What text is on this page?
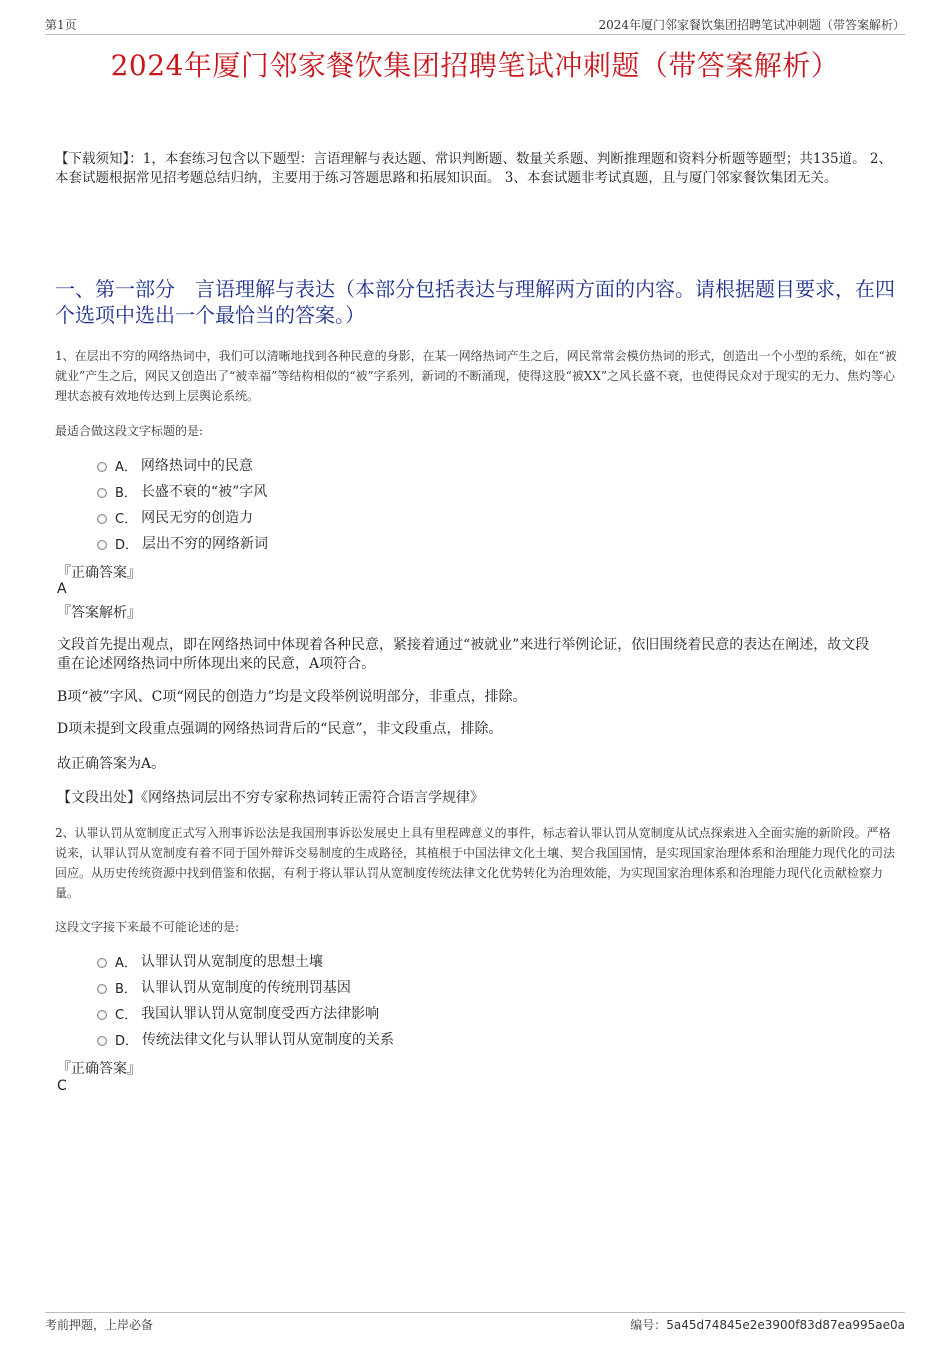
第1页	2024年厦门邻家餐饮集团招聘笔试冲刺题（带答案解析）
2024年厦门邻家餐饮集团招聘笔试冲刺题（带答案解析）
【下载须知】：1，本套练习包含以下题型：言语理解与表达题、常识判断题、数量关系题、判断推理题和资料分析题等题型；共135道。 2、本套试题根据常见招考题总结归纳，主要用于练习答题思路和拓展知识面。 3、本套试题非考试真题，且与厦门邻家餐饮集团无关。
一、第一部分　言语理解与表达（本部分包括表达与理解两方面的内容。请根据题目要求，在四个选项中选出一个最恰当的答案。）
1、在层出不穷的网络热词中，我们可以清晰地找到各种民意的身影，在某一网络热词产生之后，网民常常会模仿热词的形式，创造出一个小型的系统，如在“被就业”产生之后，网民又创造出了“被幸福”等结构相似的“被”字系列，新词的不断涌现，使得这股“被XX”之风长盛不衰，也使得民众对于现实的无力、焦灼等心理状态被有效地传达到上层舆论系统。
最适合做这段文字标题的是:
A． 网络热词中的民意
B． 长盛不衰的“被”字风
C． 网民无穷的创造力
D． 层出不穷的网络新词
『正确答案』
A
『答案解析』
文段首先提出观点，即在网络热词中体现着各种民意，紧接着通过“被就业”来进行举例论证，依旧围绕着民意的表达在阐述，故文段重在论述网络热词中所体现出来的民意，A项符合。
B项“被”字风、C项“网民的创造力”均是文段举例说明部分，非重点，排除。
D项未提到文段重点强调的网络热词背后的“民意”，非文段重点，排除。
故正确答案为A。
【文段出处】《网络热词层出不穷专家称热词转正需符合语言学规律》
2、认罪认罚从宽制度正式写入刑事诉讼法是我国刑事诉讼发展史上具有里程碑意义的事件，标志着认罪认罚从宽制度从试点探索进入全面实施的新阶段。严格说来，认罪认罚从宽制度有着不同于国外辩诉交易制度的生成路径，其植根于中国法律文化土壤、契合我国国情，是实现国家治理体系和治理能力现代化的司法回应。从历史传统资源中找到借鉴和依据，有利于将认罪认罚从宽制度传统法律文化优势转化为治理效能，为实现国家治理体系和治理能力现代化贡献检察力量。
这段文字接下来最不可能论述的是:
A． 认罪认罚从宽制度的思想土壤
B． 认罪认罚从宽制度的传统刑罚基因
C． 我国认罪认罚从宽制度受西方法律影响
D． 传统法律文化与认罪认罚从宽制度的关系
『正确答案』
C
考前押题，上岸必备	编号：5a45d74845e2e3900f83d87ea995ae0a
